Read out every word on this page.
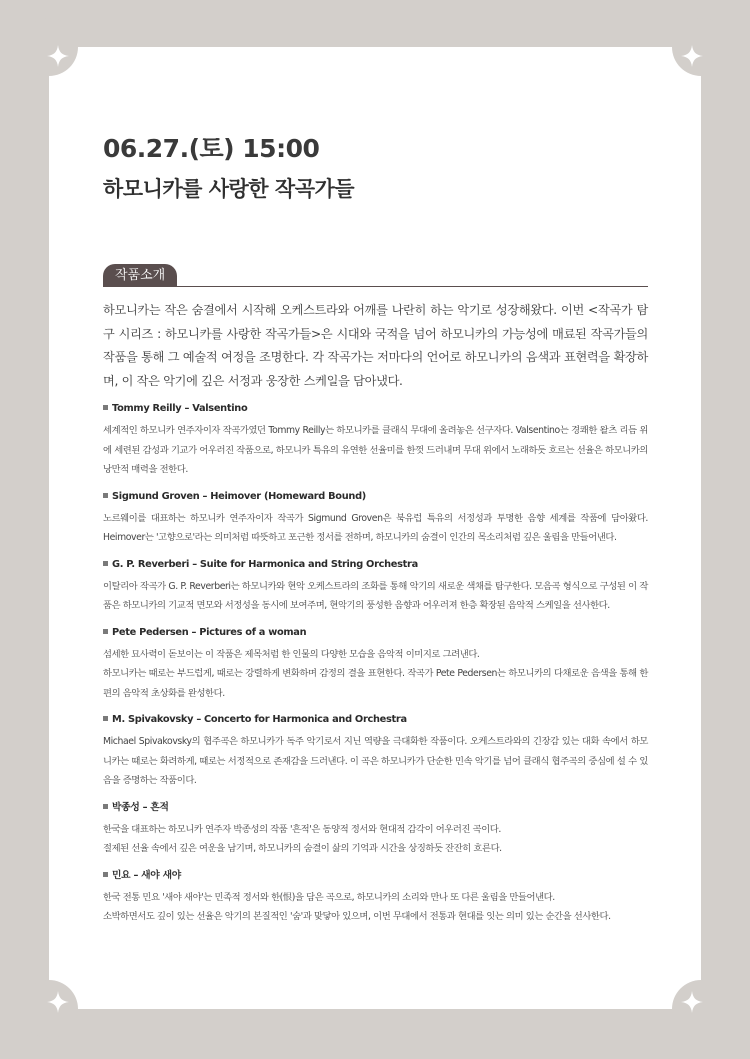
06.27.(토) 15:00
하모니카를 사랑한 작곡가들
작품소개

하모니카는 작은 숨결에서 시작해 오케스트라와 어깨를 나란히 하는 악기로 성장해왔다. 이번 <작곡가 탐구 시리즈 : 하모니카를 사랑한 작곡가들>은 시대와 국적을 넘어 하모니카의 가능성에 매료된 작곡가들의 작품을 통해 그 예술적 여정을 조명한다. 각 작곡가는 저마다의 언어로 하모니카의 음색과 표현력을 확장하며, 이 작은 악기에 깊은 서정과 웅장한 스케일을 담아냈다.

Tommy Reilly – Valsentino

세계적인 하모니카 연주자이자 작곡가였던 Tommy Reilly는 하모니카를 클래식 무대에 올려놓은 선구자다. Valsentino는 경쾌한 왈츠 리듬 위에 세련된 감성과 기교가 어우러진 작품으로, 하모니카 특유의 유연한 선율미를 한껏 드러내며 무대 위에서 노래하듯 흐르는 선율은 하모니카의 낭만적 매력을 전한다.

Sigmund Groven – Heimover (Homeward Bound)

노르웨이를 대표하는 하모니카 연주자이자 작곡가 Sigmund Groven은 북유럽 특유의 서정성과 투명한 음향 세계를 작품에 담아왔다. Heimover는 '고향으로'라는 의미처럼 따뜻하고 포근한 정서를 전하며, 하모니카의 숨결이 인간의 목소리처럼 깊은 울림을 만들어낸다.

G. P. Reverberi – Suite for Harmonica and String Orchestra

이탈리아 작곡가 G. P. Reverberi는 하모니카와 현악 오케스트라의 조화를 통해 악기의 새로운 색채를 탐구한다. 모음곡 형식으로 구성된 이 작품은 하모니카의 기교적 면모와 서정성을 동시에 보여주며, 현악기의 풍성한 음향과 어우러져 한층 확장된 음악적 스케일을 선사한다.

Pete Pedersen – Pictures of a woman

섬세한 묘사력이 돋보이는 이 작품은 제목처럼 한 인물의 다양한 모습을 음악적 이미지로 그려낸다.

하모니카는 때로는 부드럽게, 때로는 강렬하게 변화하며 감정의 결을 표현한다. 작곡가 Pete Pedersen는 하모니카의 다채로운 음색을 통해 한 편의 음악적 초상화를 완성한다.

M. Spivakovsky – Concerto for Harmonica and Orchestra

Michael Spivakovsky의 협주곡은 하모니카가 독주 악기로서 지닌 역량을 극대화한 작품이다. 오케스트라와의 긴장감 있는 대화 속에서 하모니카는 때로는 화려하게, 때로는 서정적으로 존재감을 드러낸다. 이 곡은 하모니카가 단순한 민속 악기를 넘어 클래식 협주곡의 중심에 설 수 있음을 증명하는 작품이다.

박종성 – 흔적

한국을 대표하는 하모니카 연주자 박종성의 작품 '흔적'은 동양적 정서와 현대적 감각이 어우러진 곡이다.

절제된 선율 속에서 깊은 여운을 남기며, 하모니카의 숨결이 삶의 기억과 시간을 상징하듯 잔잔히 흐른다.

민요 – 새야 새야

한국 전통 민요 '새야 새야'는 민족적 정서와 한(恨)을 담은 곡으로, 하모니카의 소리와 만나 또 다른 울림을 만들어낸다.

소박하면서도 깊이 있는 선율은 악기의 본질적인 '숨'과 맞닿아 있으며, 이번 무대에서 전통과 현대를 잇는 의미 있는 순간을 선사한다.
